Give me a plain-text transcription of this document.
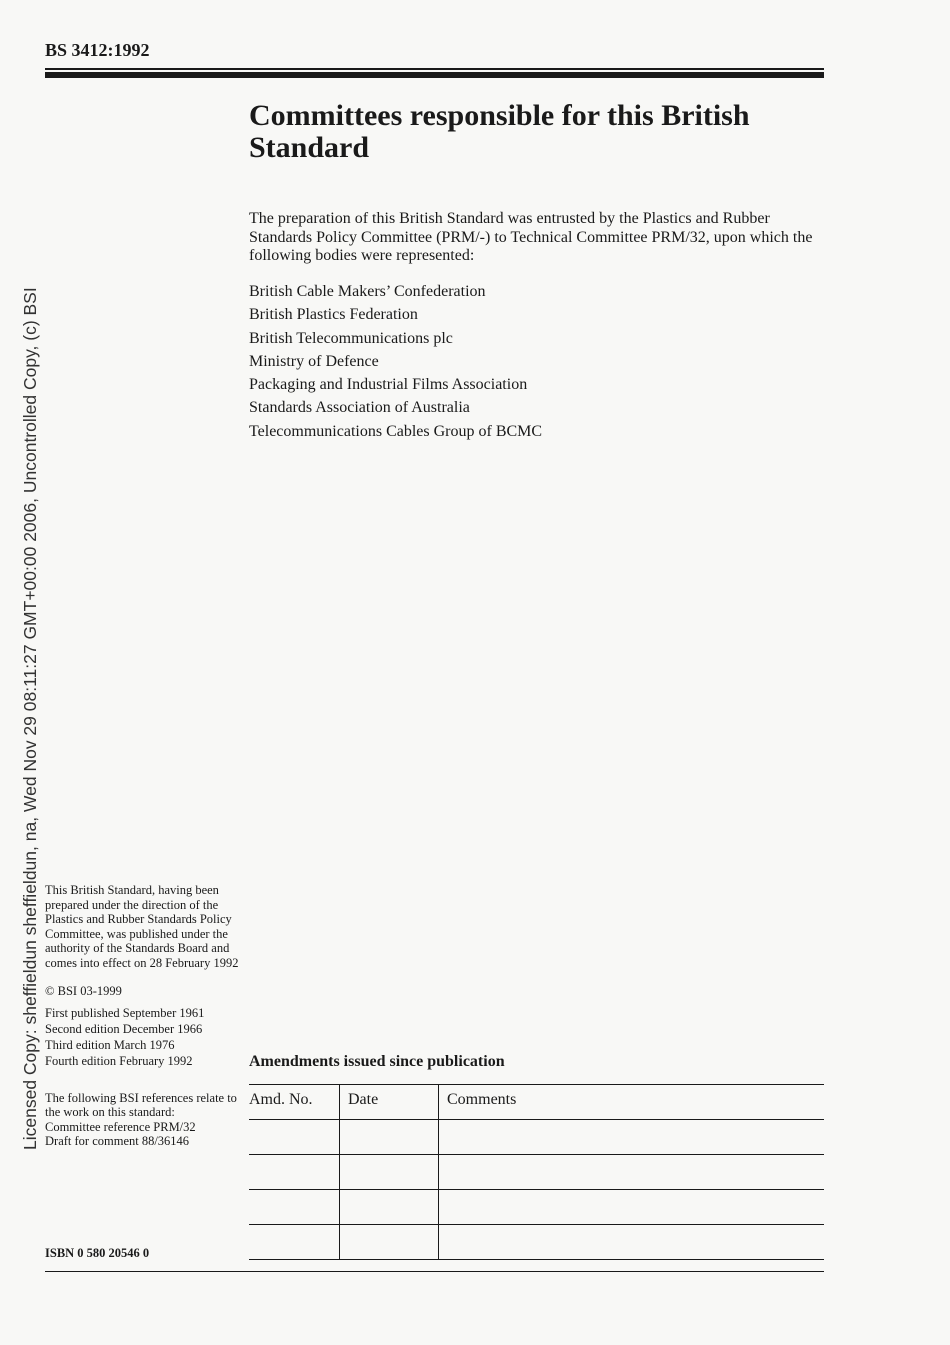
BS 3412:1992
Committees responsible for this British Standard

The preparation of this British Standard was entrusted by the Plastics and Rubber Standards Policy Committee (PRM/-) to Technical Committee PRM/32, upon which the following bodies were represented:

British Cable Makers’ Confederation
British Plastics Federation
British Telecommunications plc
Ministry of Defence
Packaging and Industrial Films Association
Standards Association of Australia
Telecommunications Cables Group of BCMC

This British Standard, having been prepared under the direction of the Plastics and Rubber Standards Policy Committee, was published under the authority of the Standards Board and comes into effect on 28 February 1992

© BSI 03-1999

First published September 1961

Second edition December 1966

Third edition March 1976

Fourth edition February 1992

The following BSI references relate to the work on this standard:

Committee reference PRM/32

Draft for comment 88/36146

ISBN 0 580 20546 0
Amendments issued since publication
Amd. No.	Date	Comments

Licensed Copy: sheffieldun sheffieldun, na, Wed Nov 29 08:11:27 GMT+00:00 2006, Uncontrolled Copy, (c) BSI
